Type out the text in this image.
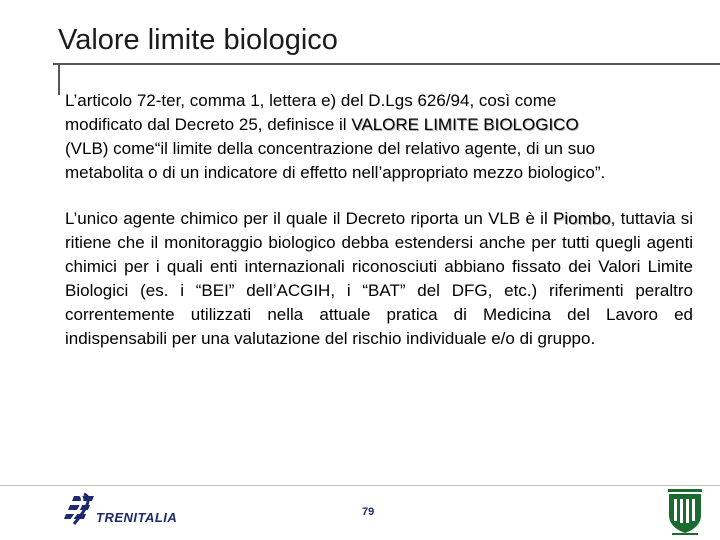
Valore limite biologico
L’articolo 72-ter, comma 1, lettera e) del D.Lgs 626/94, così come
modificato dal Decreto 25, definisce il VALORE LIMITE BIOLOGICO
(VLB) come“il limite della concentrazione del relativo agente, di un suo
metabolita o di un indicatore di effetto nell’appropriato mezzo biologico”.
L’unico agente chimico per il quale il Decreto riporta un VLB è il Piombo, tuttavia si ritiene che il monitoraggio biologico debba estendersi anche per tutti quegli agenti chimici per i quali enti internazionali riconosciuti abbiano fissato dei Valori Limite Biologici (es. i “BEI” dell’ACGIH, i “BAT” del DFG, etc.) riferimenti peraltro correntemente utilizzati nella attuale pratica di Medicina del Lavoro ed indispensabili per una valutazione del rischio individuale e/o di gruppo.
TRENITALIA	79
